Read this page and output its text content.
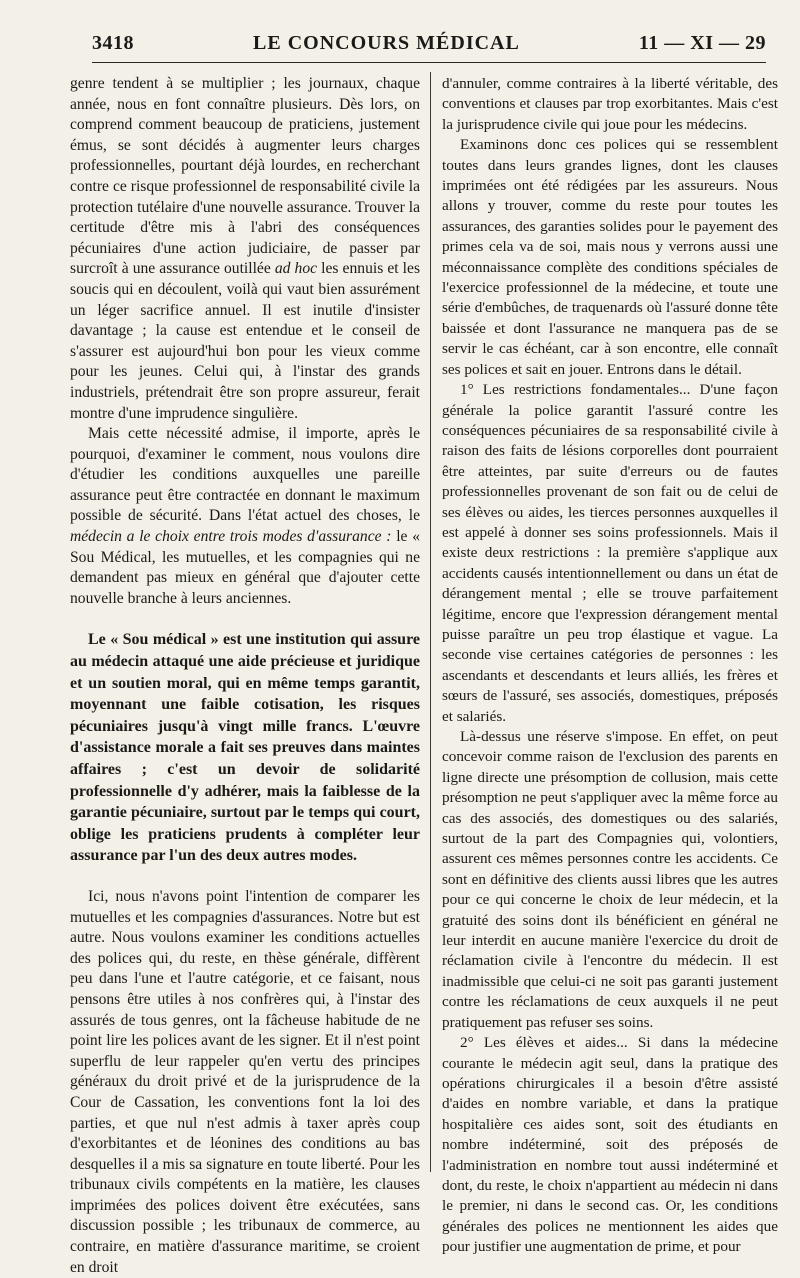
3418	LE CONCOURS MÉDICAL	11 — XI — 29

genre tendent à se multiplier ; les journaux, chaque année, nous en font connaître plusieurs. Dès lors, on comprend comment beaucoup de praticiens, justement émus, se sont décidés à augmenter leurs charges professionnelles, pourtant déjà lourdes, en recherchant contre ce risque professionnel de responsabilité civile la protection tutélaire d'une nouvelle assurance. Trouver la certitude d'être mis à l'abri des conséquences pécuniaires d'une action judiciaire, de passer par surcroît à une assurance outillée ad hoc les ennuis et les soucis qui en découlent, voilà qui vaut bien assurément un léger sacrifice annuel. Il est inutile d'insister davantage ; la cause est entendue et le conseil de s'assurer est aujourd'hui bon pour les vieux comme pour les jeunes. Celui qui, à l'instar des grands industriels, prétendrait être son propre assureur, ferait montre d'une imprudence singulière.

Mais cette nécessité admise, il importe, après le pourquoi, d'examiner le comment, nous voulons dire d'étudier les conditions auxquelles une pareille assurance peut être contractée en donnant le maximum possible de sécurité. Dans l'état actuel des choses, le médecin a le choix entre trois modes d'assurance : le « Sou Médical, les mutuelles, et les compagnies qui ne demandent pas mieux en général que d'ajouter cette nouvelle branche à leurs anciennes.

Le « Sou médical » est une institution qui assure au médecin attaqué une aide précieuse et juridique et un soutien moral, qui en même temps garantit, moyennant une faible cotisation, les risques pécuniaires jusqu'à vingt mille francs. L'œuvre d'assistance morale a fait ses preuves dans maintes affaires ; c'est un devoir de solidarité professionnelle d'y adhérer, mais la faiblesse de la garantie pécuniaire, surtout par le temps qui court, oblige les praticiens prudents à compléter leur assurance par l'un des deux autres modes.

Ici, nous n'avons point l'intention de comparer les mutuelles et les compagnies d'assurances. Notre but est autre. Nous voulons examiner les conditions actuelles des polices qui, du reste, en thèse générale, diffèrent peu dans l'une et l'autre catégorie, et ce faisant, nous pensons être utiles à nos confrères qui, à l'instar des assurés de tous genres, ont la fâcheuse habitude de ne point lire les polices avant de les signer. Et il n'est point superflu de leur rappeler qu'en vertu des principes généraux du droit privé et de la jurisprudence de la Cour de Cassation, les conventions font la loi des parties, et que nul n'est admis à taxer après coup d'exorbitantes et de léonines des conditions au bas desquelles il a mis sa signature en toute liberté. Pour les tribunaux civils compétents en la matière, les clauses imprimées des polices doivent être exécutées, sans discussion possible ; les tribunaux de commerce, au contraire, en matière d'assurance maritime, se croient en droit

d'annuler, comme contraires à la liberté véritable, des conventions et clauses par trop exorbitantes. Mais c'est la jurisprudence civile qui joue pour les médecins.

Examinons donc ces polices qui se ressemblent toutes dans leurs grandes lignes, dont les clauses imprimées ont été rédigées par les assureurs. Nous allons y trouver, comme du reste pour toutes les assurances, des garanties solides pour le payement des primes cela va de soi, mais nous y verrons aussi une méconnaissance complète des conditions spéciales de l'exercice professionnel de la médecine, et toute une série d'embûches, de traquenards où l'assuré donne tête baissée et dont l'assurance ne manquera pas de se servir le cas échéant, car à son encontre, elle connaît ses polices et sait en jouer. Entrons dans le détail.

1° Les restrictions fondamentales... D'une façon générale la police garantit l'assuré contre les conséquences pécuniaires de sa responsabilité civile à raison des faits de lésions corporelles dont pourraient être atteintes, par suite d'erreurs ou de fautes professionnelles provenant de son fait ou de celui de ses élèves ou aides, les tierces personnes auxquelles il est appelé à donner ses soins professionnels. Mais il existe deux restrictions : la première s'applique aux accidents causés intentionnellement ou dans un état de dérangement mental ; elle se trouve parfaitement légitime, encore que l'expression dérangement mental puisse paraître un peu trop élastique et vague. La seconde vise certaines catégories de personnes : les ascendants et descendants et leurs alliés, les frères et sœurs de l'assuré, ses associés, domestiques, préposés et salariés.

Là-dessus une réserve s'impose. En effet, on peut concevoir comme raison de l'exclusion des parents en ligne directe une présomption de collusion, mais cette présomption ne peut s'appliquer avec la même force au cas des associés, des domestiques ou des salariés, surtout de la part des Compagnies qui, volontiers, assurent ces mêmes personnes contre les accidents. Ce sont en définitive des clients aussi libres que les autres pour ce qui concerne le choix de leur médecin, et la gratuité des soins dont ils bénéficient en général ne leur interdit en aucune manière l'exercice du droit de réclamation civile à l'encontre du médecin. Il est inadmissible que celui-ci ne soit pas garanti justement contre les réclamations de ceux auxquels il ne peut pratiquement pas refuser ses soins.

2° Les élèves et aides... Si dans la médecine courante le médecin agit seul, dans la pratique des opérations chirurgicales il a besoin d'être assisté d'aides en nombre variable, et dans la pratique hospitalière ces aides sont, soit des étudiants en nombre indéterminé, soit des préposés de l'administration en nombre tout aussi indéterminé et dont, du reste, le choix n'appartient au médecin ni dans le premier, ni dans le second cas. Or, les conditions générales des polices ne mentionnent les aides que pour justifier une augmentation de prime, et pour
